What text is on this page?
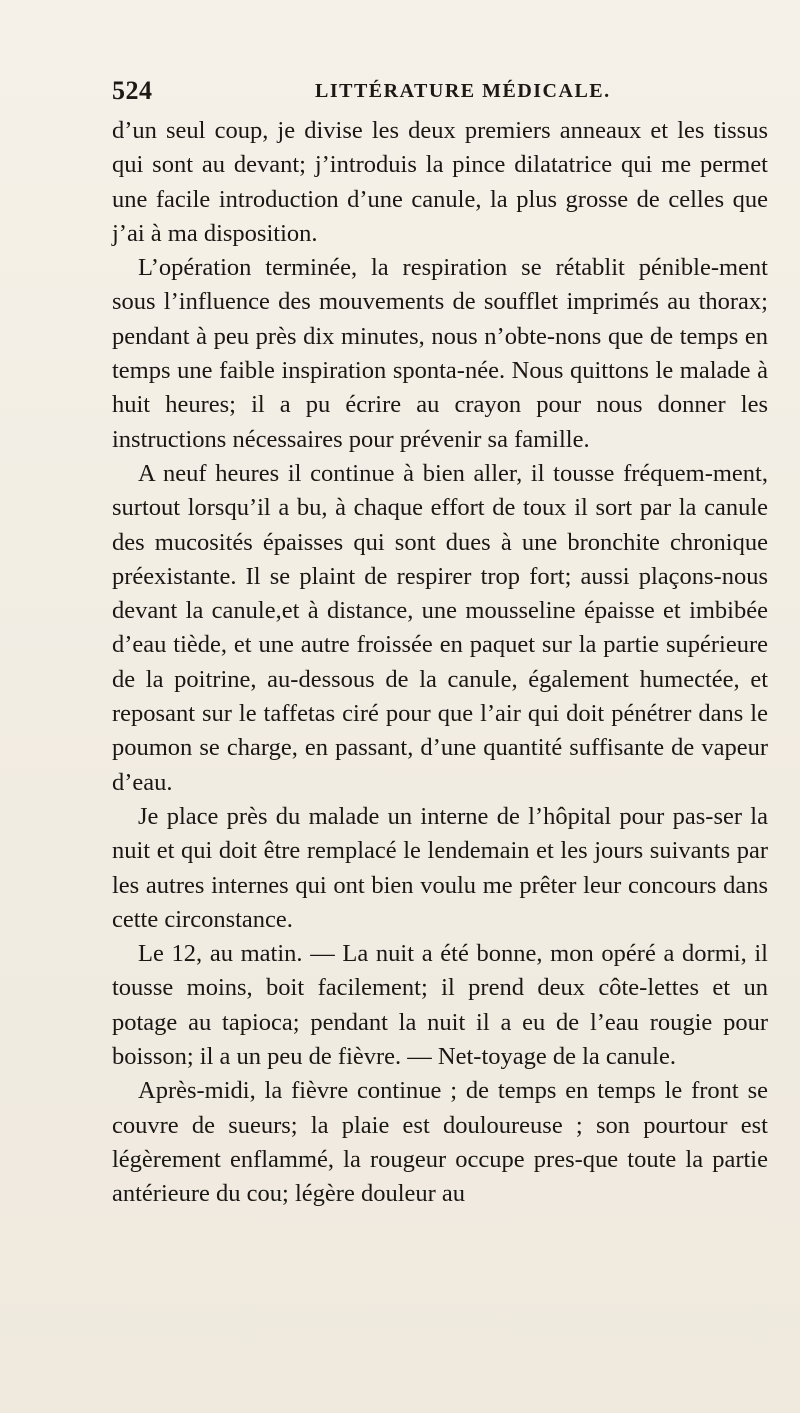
524	LITTÉRATURE MÉDICALE.

d’un seul coup, je divise les deux premiers anneaux et les tissus qui sont au devant; j’introduis la pince dilatatrice qui me permet une facile introduction d’une canule, la plus grosse de celles que j’ai à ma disposition.

L’opération terminée, la respiration se rétablit pénible-ment sous l’influence des mouvements de soufflet imprimés au thorax; pendant à peu près dix minutes, nous n’obte-nons que de temps en temps une faible inspiration sponta-née. Nous quittons le malade à huit heures; il a pu écrire au crayon pour nous donner les instructions nécessaires pour prévenir sa famille.

A neuf heures il continue à bien aller, il tousse fréquem-ment, surtout lorsqu’il a bu, à chaque effort de toux il sort par la canule des mucosités épaisses qui sont dues à une bronchite chronique préexistante. Il se plaint de respirer trop fort; aussi plaçons-nous devant la canule,et à distance, une mousseline épaisse et imbibée d’eau tiède, et une autre froissée en paquet sur la partie supérieure de la poitrine, au-dessous de la canule, également humectée, et reposant sur le taffetas ciré pour que l’air qui doit pénétrer dans le poumon se charge, en passant, d’une quantité suffisante de vapeur d’eau.

Je place près du malade un interne de l’hôpital pour pas-ser la nuit et qui doit être remplacé le lendemain et les jours suivants par les autres internes qui ont bien voulu me prêter leur concours dans cette circonstance.

Le 12, au matin. — La nuit a été bonne, mon opéré a dormi, il tousse moins, boit facilement; il prend deux côte-lettes et un potage au tapioca; pendant la nuit il a eu de l’eau rougie pour boisson; il a un peu de fièvre. — Net-toyage de la canule.

Après-midi, la fièvre continue ; de temps en temps le front se couvre de sueurs; la plaie est douloureuse ; son pourtour est légèrement enflammé, la rougeur occupe pres-que toute la partie antérieure du cou; légère douleur au
